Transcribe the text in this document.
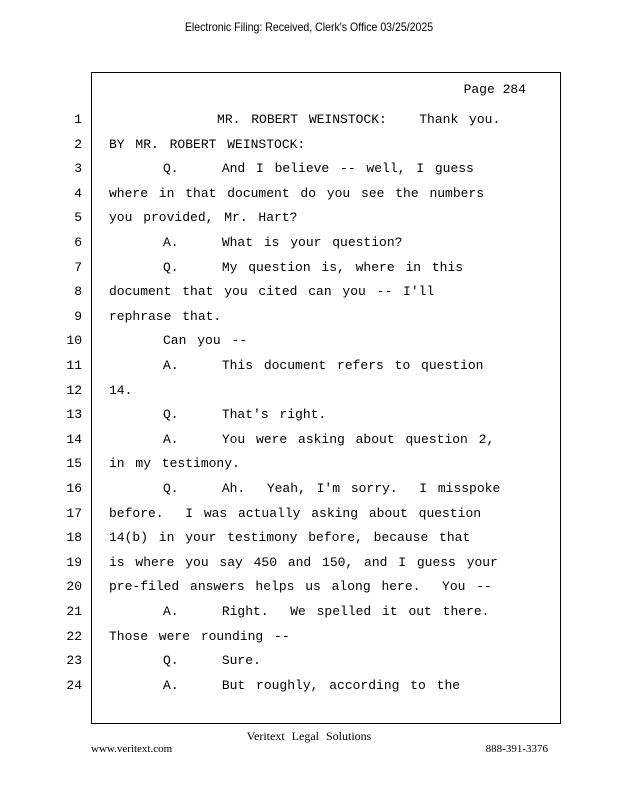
Electronic Filing: Received, Clerk's Office 03/25/2025
Page 284
1 MR. ROBERT WEINSTOCK:   Thank you.
2 BY MR. ROBERT WEINSTOCK:
3 Q.    And I believe -- well, I guess
4 where in that document do you see the numbers
5 you provided, Mr. Hart?
6 A.    What is your question?
7 Q.    My question is, where in this
8 document that you cited can you -- I'll
9 rephrase that.
10 Can you --
11 A.    This document refers to question
12 14.
13 Q.    That's right.
14 A.    You were asking about question 2,
15 in my testimony.
16 Q.    Ah.  Yeah, I'm sorry.  I misspoke
17 before.  I was actually asking about question
18 14(b) in your testimony before, because that
19 is where you say 450 and 150, and I guess your
20 pre-filed answers helps us along here.  You --
21 A.    Right.  We spelled it out there.
22 Those were rounding --
23 Q.    Sure.
24 A.    But roughly, according to the
Veritext Legal Solutions
www.veritext.com	888-391-3376
